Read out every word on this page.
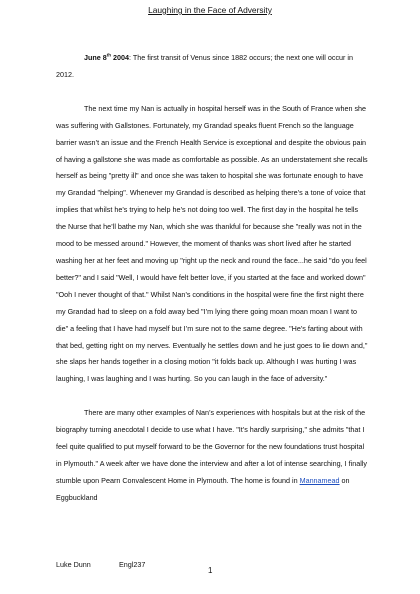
Laughing in the Face of Adversity

June 8th 2004: The first transit of Venus since 1882 occurs; the next one will occur in 2012.

The next time my Nan is actually in hospital herself was in the South of France when she was suffering with Gallstones. Fortunately, my Grandad speaks fluent French so the language barrier wasn’t an issue and the French Health Service is exceptional and despite the obvious pain of having a gallstone she was made as comfortable as possible. As an understatement she recalls herself as being "pretty ill" and once she was taken to hospital she was fortunate enough to have my Grandad "helping". Whenever my Grandad is described as helping there’s a tone of voice that implies that whilst he’s trying to help he’s not doing too well. The first day in the hospital he tells the Nurse that he’ll bathe my Nan, which she was thankful for because she "really was not in the mood to be messed around." However, the moment of thanks was short lived after he started washing her at her feet and moving up "right up the neck and round the face...he said "do you feel better?" and I said "Well, I would have felt better love, if you started at the face and worked down" "Ooh I never thought of that." Whilst Nan’s conditions in the hospital were fine the first night there my Grandad had to sleep on a fold away bed "I’m lying there going moan moan moan I want to die" a feeling that I have had myself but I’m sure not to the same degree. "He’s farting about with that bed, getting right on my nerves. Eventually he settles down and he just goes to lie down and," she slaps her hands together in a closing motion "it folds back up. Although I was hurting I was laughing, I was laughing and I was hurting. So you can laugh in the face of adversity."

There are many other examples of Nan’s experiences with hospitals but at the risk of the biography turning anecdotal I decide to use what I have. "It’s hardly surprising," she admits "that I feel quite qualified to put myself forward to be the Governor for the new foundations trust hospital in Plymouth." A week after we have done the interview and after a lot of intense searching, I finally stumble upon Pearn Convalescent Home in Plymouth. The home is found in Mannamead on Eggbuckland

Luke Dunn	Engl237
1
